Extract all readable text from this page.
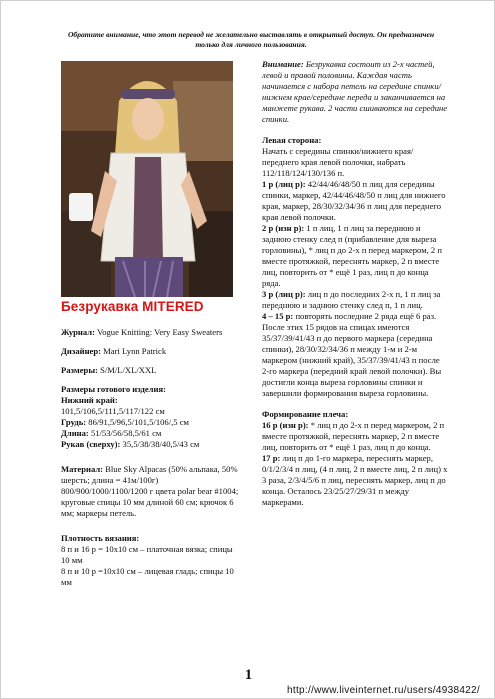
Обратите внимание, что этот перевод не желательно выставлять в открытый доступ. Он предназначен только для личного пользования.
Безрукавка MITERED

Журнал: Vogue Knitting: Very Easy Sweaters

Дизайнер: Mari Lynn Patrick

Размеры: S/M/L/XL/XXL

Размеры готового изделия:

Нижний край:

101,5/106,5/111,5/117/122 см

Грудь: 86/91,5/96,5/101,5/106/,5 см

Длина: 51/53/56/58,5/61 см

Рукав (сверху): 35,5/38/38/40,5/43 см

Материал: Blue Sky Alpacas (50% альпака, 50% шерсть; длина = 41м/100г) 800/900/1000/1100/1200 г цвета polar bear #1004; круговые спицы 10 мм длиной 60 см; крючок 6 мм; маркеры петель.

Плотность вязания:

8 п и 16 р = 10х10 см – платочная вязка; спицы 10 мм

8 п и 10 р =10х10 см – лицевая гладь; спицы 10 мм

Внимание: Безрукавка состоит из 2-х частей, левой и правой половины. Каждая часть начинается с набора петель на середине спинки/нижнем крае/середине переда и заканчивается на манжете рукава. 2 части сшиваются на середине спинки.

Левая сторона:

Начать с середины спинки/нижнего края/переднего края левой полочки, набрать 112/118/124/130/136 п.

1 р (лиц р): 42/44/46/48/50 п лиц для середины спинки, маркер, 42/44/46/48/50 п лиц для нижнего края, маркер, 28/30/32/34/36 п лиц для переднего края левой полочки.

2 р (изн р): 1 п лиц, 1 п лиц за переднюю и заднюю стенку след п (прибавление для выреза горловины), * лиц п до 2-х п перед маркером, 2 п вместе протяжкой, переснять маркер, 2 п вместе лиц, повторить от * ещё 1 раз, лиц п до конца ряда.

3 р (лиц р): лиц п до последних 2-х п, 1 п лиц за переднюю и заднюю стенку след п, 1 п лиц.

4 – 15 р: повторять последние 2 ряда ещё 6 раз.

После этих 15 рядов на спицах имеются 35/37/39/41/43 п до первого маркера (середина спинки), 28/30/32/34/36 п между 1-м и 2-м маркером (нижний край), 35/37/39/41/43 п после 2-го маркера (передний край левой полочки). Вы достигли конца выреза горловины спинки и завершили формирования выреза горловины.

Формирование плеча:

16 р (изн р): * лиц п до 2-х п перед маркером, 2 п вместе протяжкой, переснять маркер, 2 п вместе лиц, повторить от * ещё 1 раз, лиц п до конца.

17 р: лиц п до 1-го маркера, переснять маркер, 0/1/2/3/4 п лиц, (4 п лиц, 2 п вместе лиц, 2 п лиц) х 3 раза, 2/3/4/5/6 п лиц, переснять маркер, лиц п до конца. Осталось 23/25/27/29/31 п между маркерами.

1
http://www.liveinternet.ru/users/4938422/
